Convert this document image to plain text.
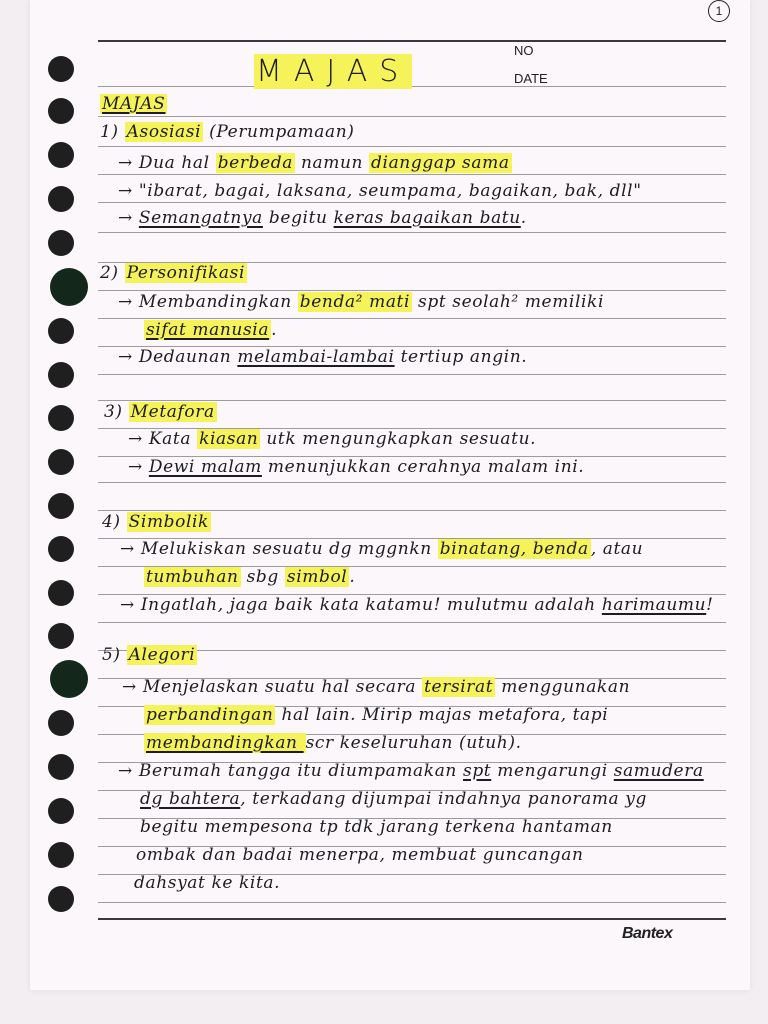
1
NO
DATE
MAJAS
MAJAS
1) Asosiasi (Perumpamaan)
→ Dua hal berbeda namun dianggap sama
→ "ibarat, bagai, laksana, seumpama, bagaikan, bak, dll"
→ Semangatnya begitu keras bagaikan batu.
2) Personifikasi
→ Membandingkan benda² mati spt seolah² memiliki
sifat manusia .
→ Dedaunan melambai-lambai tertiup angin.
3) Metafora
→ Kata kiasan utk mengungkapkan sesuatu.
→ Dewi malam menunjukkan cerahnya malam ini.
4) Simbolik
→ Melukiskan sesuatu dg mggnkn binatang, benda , atau
tumbuhan sbg simbol .
→ Ingatlah, jaga baik kata katamu! mulutmu adalah harimaumu!
5) Alegori
→ Menjelaskan suatu hal secara tersirat menggunakan
perbandingan hal lain. Mirip majas metafora, tapi
membandingkan scr keseluruhan (utuh).
→ Berumah tangga itu diumpamakan spt mengarungi samudera
dg bahtera, terkadang dijumpai indahnya panorama yg
begitu mempesona tp tdk jarang terkena hantaman
ombak dan badai menerpa, membuat guncangan
dahsyat ke kita.
Bantex
